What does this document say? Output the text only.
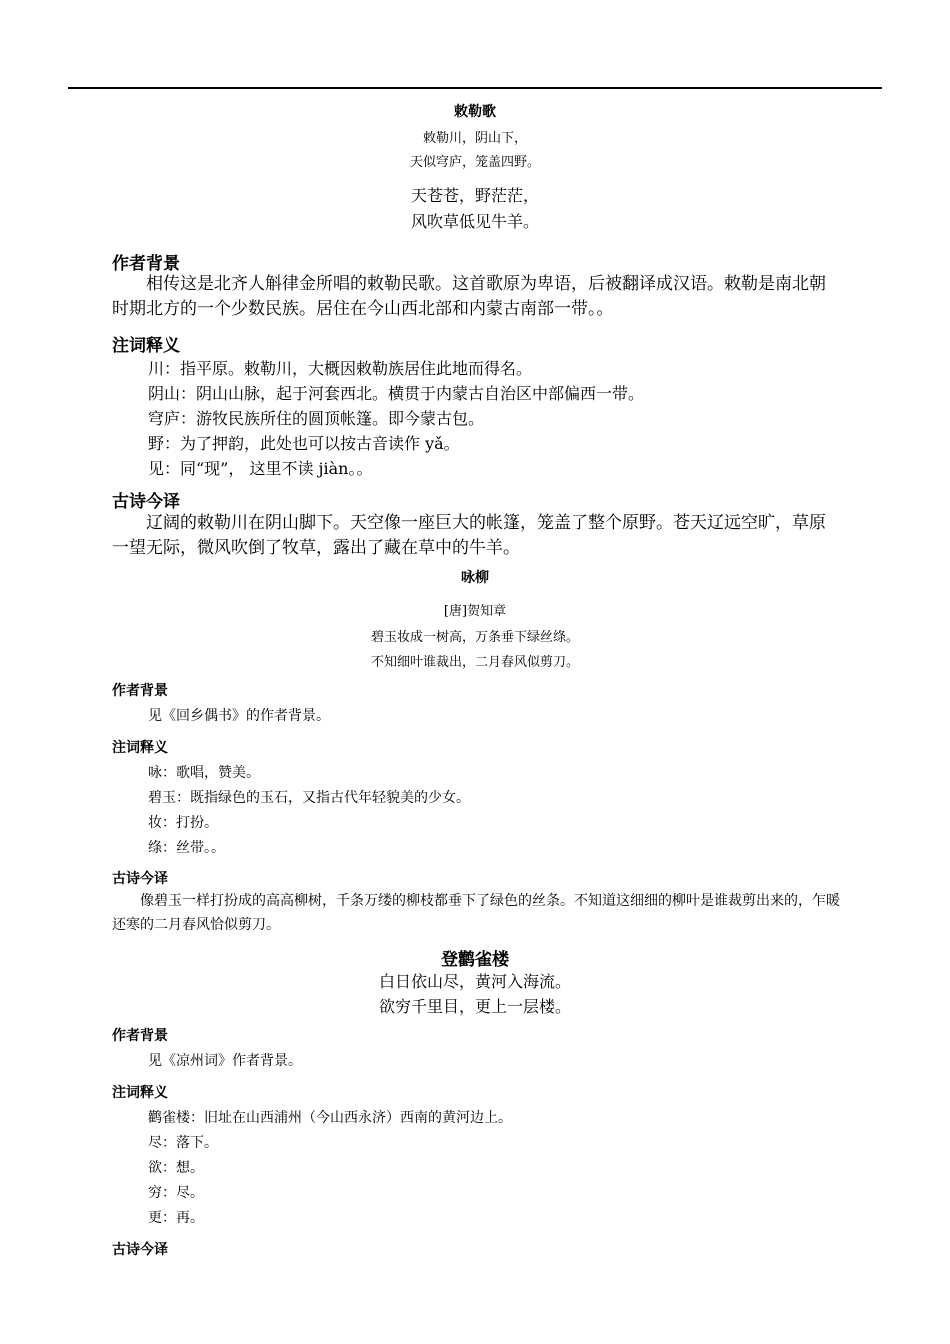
敕勒歌
敕勒川，阴山下，
天似穹庐，笼盖四野。
天苍苍，野茫茫，
风吹草低见牛羊。
作者背景
相传这是北齐人斛律金所唱的敕勒民歌。这首歌原为卑语，后被翻译成汉语。敕勒是南北朝时期北方的一个少数民族。居住在今山西北部和内蒙古南部一带。。
注词释义
川：指平原。敕勒川，大概因敕勒族居住此地而得名。
阴山：阴山山脉，起于河套西北。横贯于内蒙古自治区中部偏西一带。
穹庐：游牧民族所住的圆顶帐篷。即今蒙古包。
野：为了押韵，此处也可以按古音读作 yǎ。
见：同“现”， 这里不读 jiàn。。
古诗今译
辽阔的敕勒川在阴山脚下。天空像一座巨大的帐篷，笼盖了整个原野。苍天辽远空旷，草原一望无际，微风吹倒了牧草，露出了藏在草中的牛羊。
咏柳
[唐]贺知章
碧玉妆成一树高，万条垂下绿丝绦。
不知细叶谁裁出，二月春风似剪刀。
作者背景
见《回乡偶书》的作者背景。
注词释义
咏：歌唱，赞美。
碧玉：既指绿色的玉石，又指古代年轻貌美的少女。
妆：打扮。
绦：丝带。。
古诗今译
像碧玉一样打扮成的高高柳树，千条万缕的柳枝都垂下了绿色的丝条。不知道这细细的柳叶是谁裁剪出来的，乍暖还寒的二月春风恰似剪刀。
登鹳雀楼
白日依山尽，黄河入海流。
欲穷千里目，更上一层楼。
作者背景
见《凉州词》作者背景。
注词释义
鹳雀楼：旧址在山西浦州（今山西永济）西南的黄河边上。
尽：落下。
欲：想。
穷：尽。
更：再。
古诗今译
